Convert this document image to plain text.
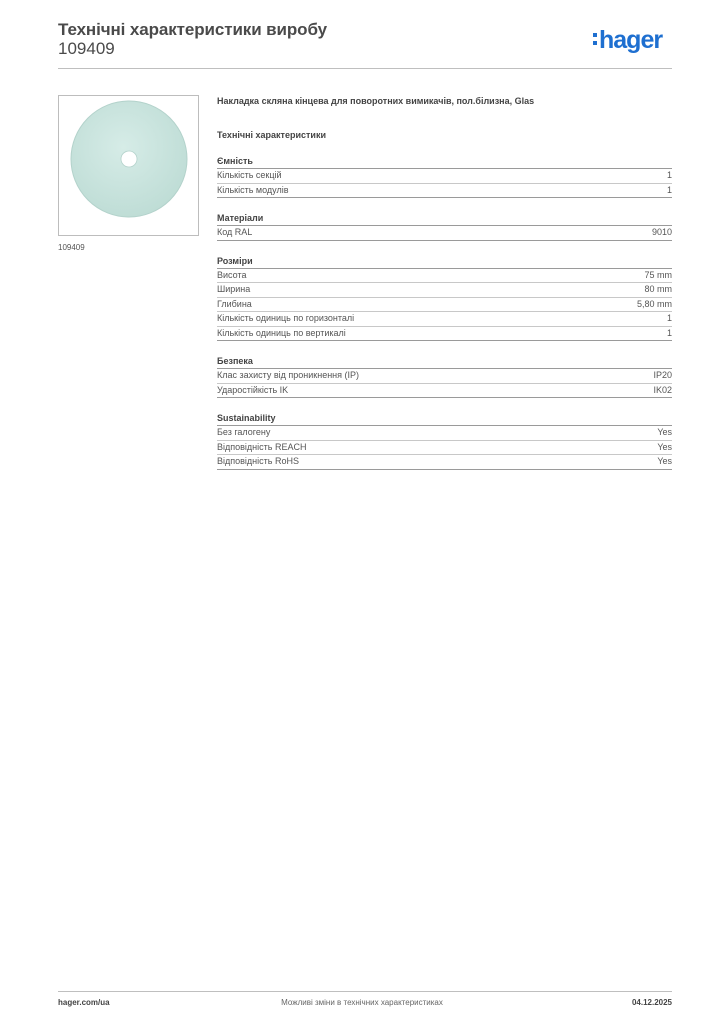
Технічні характеристики виробу
109409	hager
109409
Накладка скляна кінцева для поворотних вимикачів, пол.білизна, Glas
Технічні характеристики
Ємність
Кількість секцій	1
Кількість модулів	1
Матеріали
Код RAL	9010
Розміри
Висота	75 mm
Ширина	80 mm
Глибина	5,80 mm
Кількість одиниць по горизонталі	1
Кількість одиниць по вертикалі	1
Безпека
Клас захисту від проникнення (IP)	IP20
Ударостійкість IK	IK02
Sustainability
Без галогену	Yes
Відповідність REACH	Yes
Відповідність RoHS	Yes
hager.com/ua	Можливі зміни в технічних характеристиках	04.12.2025
